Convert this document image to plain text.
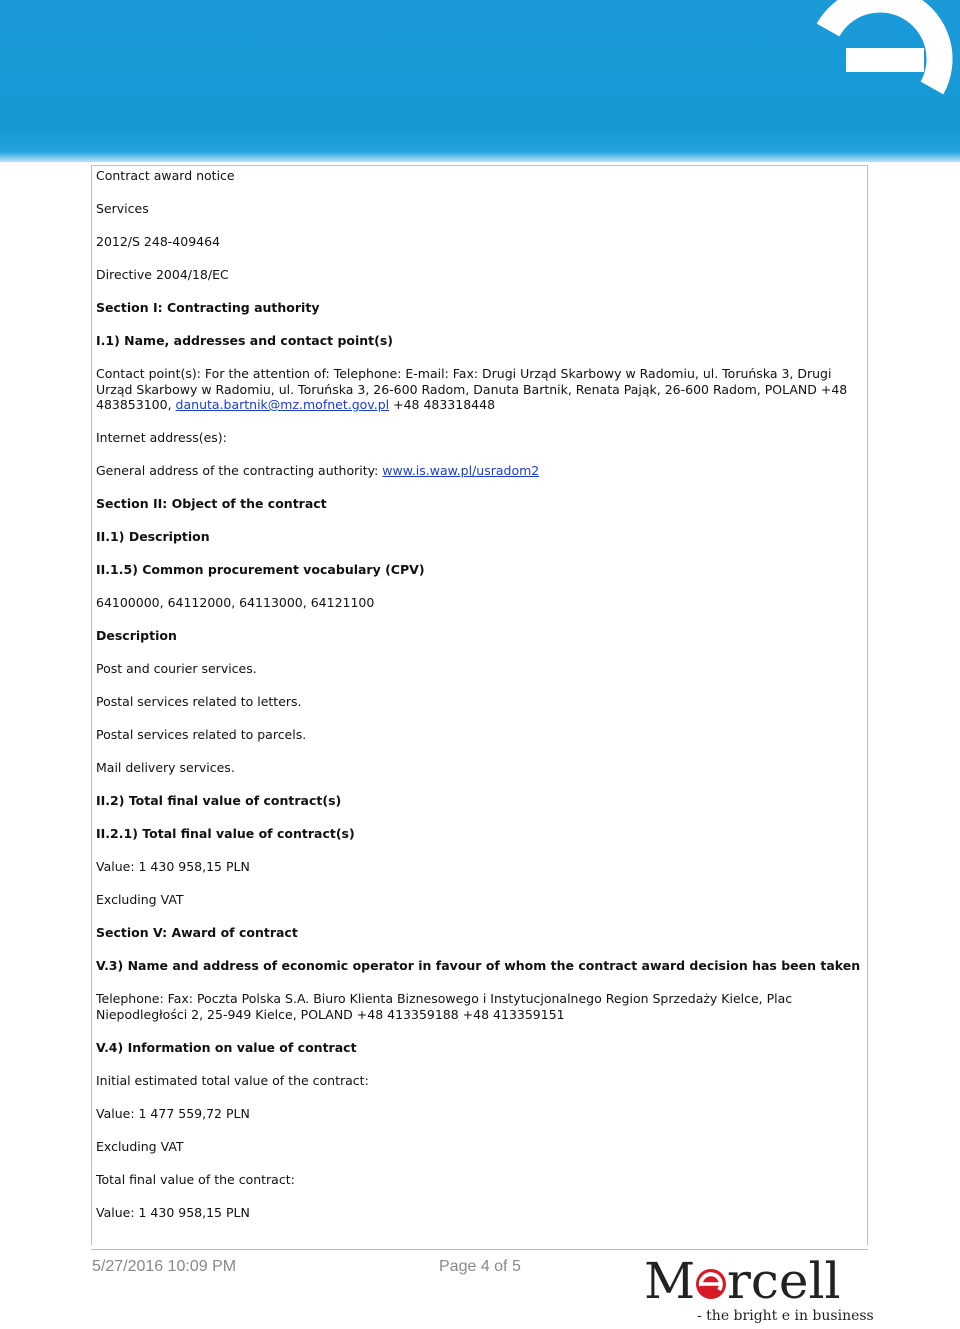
Contract award notice

Services

2012/S 248-409464

Directive 2004/18/EC

Section I: Contracting authority

I.1) Name, addresses and contact point(s)

Contact point(s): For the attention of: Telephone: E-mail: Fax: Drugi Urząd Skarbowy w Radomiu, ul. Toruńska 3, Drugi Urząd Skarbowy w Radomiu, ul. Toruńska 3, 26-600 Radom, Danuta Bartnik, Renata Pająk, 26-600 Radom, POLAND +48 483853100, danuta.bartnik@mz.mofnet.gov.pl +48 483318448

Internet address(es):

General address of the contracting authority: www.is.waw.pl/usradom2

Section II: Object of the contract

II.1) Description

II.1.5) Common procurement vocabulary (CPV)

64100000, 64112000, 64113000, 64121100

Description

Post and courier services.

Postal services related to letters.

Postal services related to parcels.

Mail delivery services.

II.2) Total final value of contract(s)

II.2.1) Total final value of contract(s)

Value: 1 430 958,15 PLN

Excluding VAT

Section V: Award of contract

V.3) Name and address of economic operator in favour of whom the contract award decision has been taken

Telephone: Fax: Poczta Polska S.A. Biuro Klienta Biznesowego i Instytucjonalnego Region Sprzedaży Kielce, Plac Niepodległości 2, 25-949 Kielce, POLAND +48 413359188 +48 413359151

V.4) Information on value of contract

Initial estimated total value of the contract:

Value: 1 477 559,72 PLN

Excluding VAT

Total final value of the contract:

Value: 1 430 958,15 PLN

5/27/2016 10:09 PM	Page 4 of 5 M rcell
- the bright e in business
